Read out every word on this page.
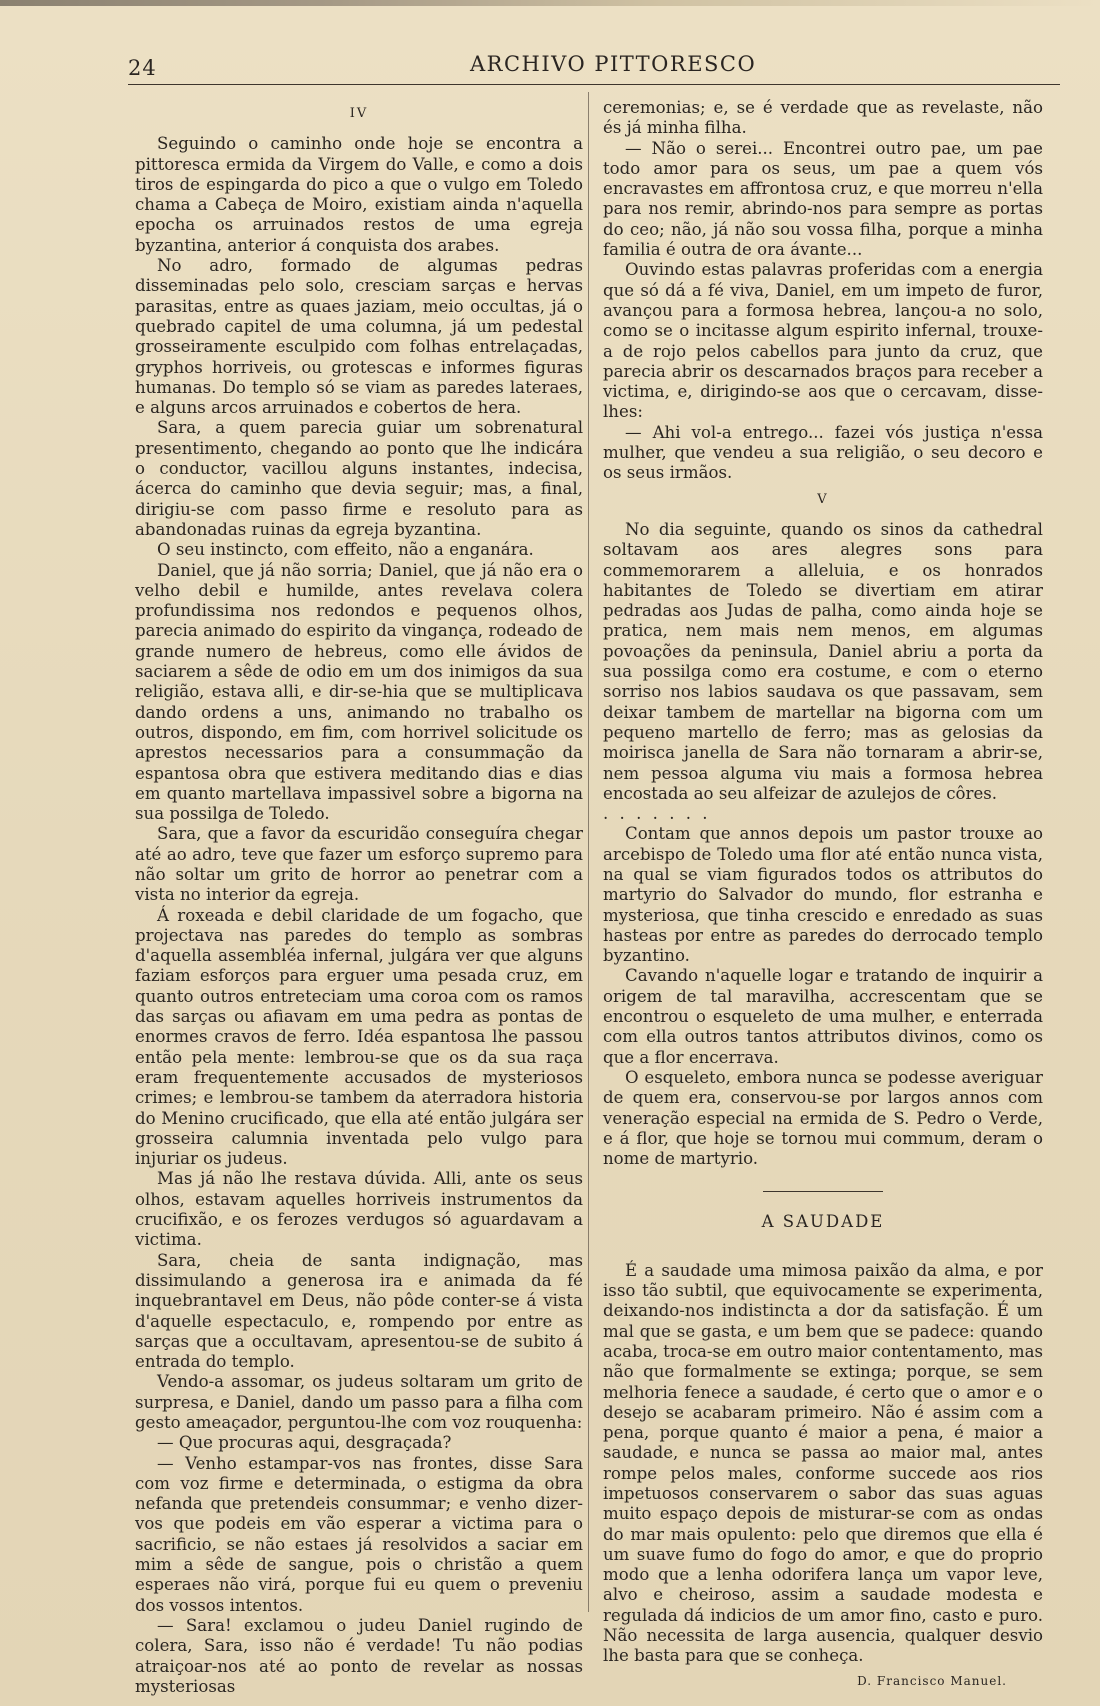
24	ARCHIVO PITTORESCO
IV

Seguindo o caminho onde hoje se encontra a pittoresca ermida da Virgem do Valle, e como a dois tiros de espingarda do pico a que o vulgo em Toledo chama a Cabeça de Moiro, existiam ainda n'aquella epocha os arruinados restos de uma egreja byzantina, anterior á conquista dos arabes.

No adro, formado de algumas pedras disseminadas pelo solo, cresciam sarças e hervas parasitas, entre as quaes jaziam, meio occultas, já o quebrado capitel de uma columna, já um pedestal grosseiramente esculpido com folhas entrelaçadas, gryphos horriveis, ou grotescas e informes figuras humanas. Do templo só se viam as paredes lateraes, e alguns arcos arruinados e cobertos de hera.

Sara, a quem parecia guiar um sobrenatural presentimento, chegando ao ponto que lhe indicára o conductor, vacillou alguns instantes, indecisa, ácerca do caminho que devia seguir; mas, a final, dirigiu-se com passo firme e resoluto para as abandonadas ruinas da egreja byzantina.

O seu instincto, com effeito, não a enganára.

Daniel, que já não sorria; Daniel, que já não era o velho debil e humilde, antes revelava colera profundissima nos redondos e pequenos olhos, parecia animado do espirito da vingança, rodeado de grande numero de hebreus, como elle ávidos de saciarem a sêde de odio em um dos inimigos da sua religião, estava alli, e dir-se-hia que se multiplicava dando ordens a uns, animando no trabalho os outros, dispondo, em fim, com horrivel solicitude os aprestos necessarios para a consummação da espantosa obra que estivera meditando dias e dias em quanto martellava impassivel sobre a bigorna na sua possilga de Toledo.

Sara, que a favor da escuridão conseguíra chegar até ao adro, teve que fazer um esforço supremo para não soltar um grito de horror ao penetrar com a vista no interior da egreja.

Á roxeada e debil claridade de um fogacho, que projectava nas paredes do templo as sombras d'aquella assembléa infernal, julgára ver que alguns faziam esforços para erguer uma pesada cruz, em quanto outros entreteciam uma coroa com os ramos das sarças ou afiavam em uma pedra as pontas de enormes cravos de ferro. Idéa espantosa lhe passou então pela mente: lembrou-se que os da sua raça eram frequentemente accusados de mysteriosos crimes; e lembrou-se tambem da aterradora historia do Menino crucificado, que ella até então julgára ser grosseira calumnia inventada pelo vulgo para injuriar os judeus.

Mas já não lhe restava dúvida. Alli, ante os seus olhos, estavam aquelles horriveis instrumentos da crucifixão, e os ferozes verdugos só aguardavam a victima.

Sara, cheia de santa indignação, mas dissimulando a generosa ira e animada da fé inquebrantavel em Deus, não pôde conter-se á vista d'aquelle espectaculo, e, rompendo por entre as sarças que a occultavam, apresentou-se de subito á entrada do templo.

Vendo-a assomar, os judeus soltaram um grito de surpresa, e Daniel, dando um passo para a filha com gesto ameaçador, perguntou-lhe com voz rouquenha:

— Que procuras aqui, desgraçada?

— Venho estampar-vos nas frontes, disse Sara com voz firme e determinada, o estigma da obra nefanda que pretendeis consummar; e venho dizer-vos que podeis em vão esperar a victima para o sacrificio, se não estaes já resolvidos a saciar em mim a sêde de sangue, pois o christão a quem esperaes não virá, porque fui eu quem o preveniu dos vossos intentos.

— Sara! exclamou o judeu Daniel rugindo de colera, Sara, isso não é verdade! Tu não podias atraiçoar-nos até ao ponto de revelar as nossas mysteriosas

ceremonias; e, se é verdade que as revelaste, não és já minha filha.

— Não o serei... Encontrei outro pae, um pae todo amor para os seus, um pae a quem vós encravastes em affrontosa cruz, e que morreu n'ella para nos remir, abrindo-nos para sempre as portas do ceo; não, já não sou vossa filha, porque a minha familia é outra de ora ávante...

Ouvindo estas palavras proferidas com a energia que só dá a fé viva, Daniel, em um impeto de furor, avançou para a formosa hebrea, lançou-a no solo, como se o incitasse algum espirito infernal, trouxe-a de rojo pelos cabellos para junto da cruz, que parecia abrir os descarnados braços para receber a victima, e, dirigindo-se aos que o cercavam, disse-lhes:

— Ahi vol-a entrego... fazei vós justiça n'essa mulher, que vendeu a sua religião, o seu decoro e os seus irmãos.

V

No dia seguinte, quando os sinos da cathedral soltavam aos ares alegres sons para commemorarem a alleluia, e os honrados habitantes de Toledo se divertiam em atirar pedradas aos Judas de palha, como ainda hoje se pratica, nem mais nem menos, em algumas povoações da peninsula, Daniel abriu a porta da sua possilga como era costume, e com o eterno sorriso nos labios saudava os que passavam, sem deixar tambem de martellar na bigorna com um pequeno martello de ferro; mas as gelosias da moirisca janella de Sara não tornaram a abrir-se, nem pessoa alguma viu mais a formosa hebrea encostada ao seu alfeizar de azulejos de côres.

. . . . . . .

Contam que annos depois um pastor trouxe ao arcebispo de Toledo uma flor até então nunca vista, na qual se viam figurados todos os attributos do martyrio do Salvador do mundo, flor estranha e mysteriosa, que tinha crescido e enredado as suas hasteas por entre as paredes do derrocado templo byzantino.

Cavando n'aquelle logar e tratando de inquirir a origem de tal maravilha, accrescentam que se encontrou o esqueleto de uma mulher, e enterrada com ella outros tantos attributos divinos, como os que a flor encerrava.

O esqueleto, embora nunca se podesse averiguar de quem era, conservou-se por largos annos com veneração especial na ermida de S. Pedro o Verde, e á flor, que hoje se tornou mui commum, deram o nome de martyrio.

A SAUDADE

É a saudade uma mimosa paixão da alma, e por isso tão subtil, que equivocamente se experimenta, deixando-nos indistincta a dor da satisfação. É um mal que se gasta, e um bem que se padece: quando acaba, troca-se em outro maior contentamento, mas não que formalmente se extinga; porque, se sem melhoria fenece a saudade, é certo que o amor e o desejo se acabaram primeiro. Não é assim com a pena, porque quanto é maior a pena, é maior a saudade, e nunca se passa ao maior mal, antes rompe pelos males, conforme succede aos rios impetuosos conservarem o sabor das suas aguas muito espaço depois de misturar-se com as ondas do mar mais opulento: pelo que diremos que ella é um suave fumo do fogo do amor, e que do proprio modo que a lenha odorifera lança um vapor leve, alvo e cheiroso, assim a saudade modesta e regulada dá indicios de um amor fino, casto e puro. Não necessita de larga ausencia, qualquer desvio lhe basta para que se conheça.

D. Francisco Manuel.
